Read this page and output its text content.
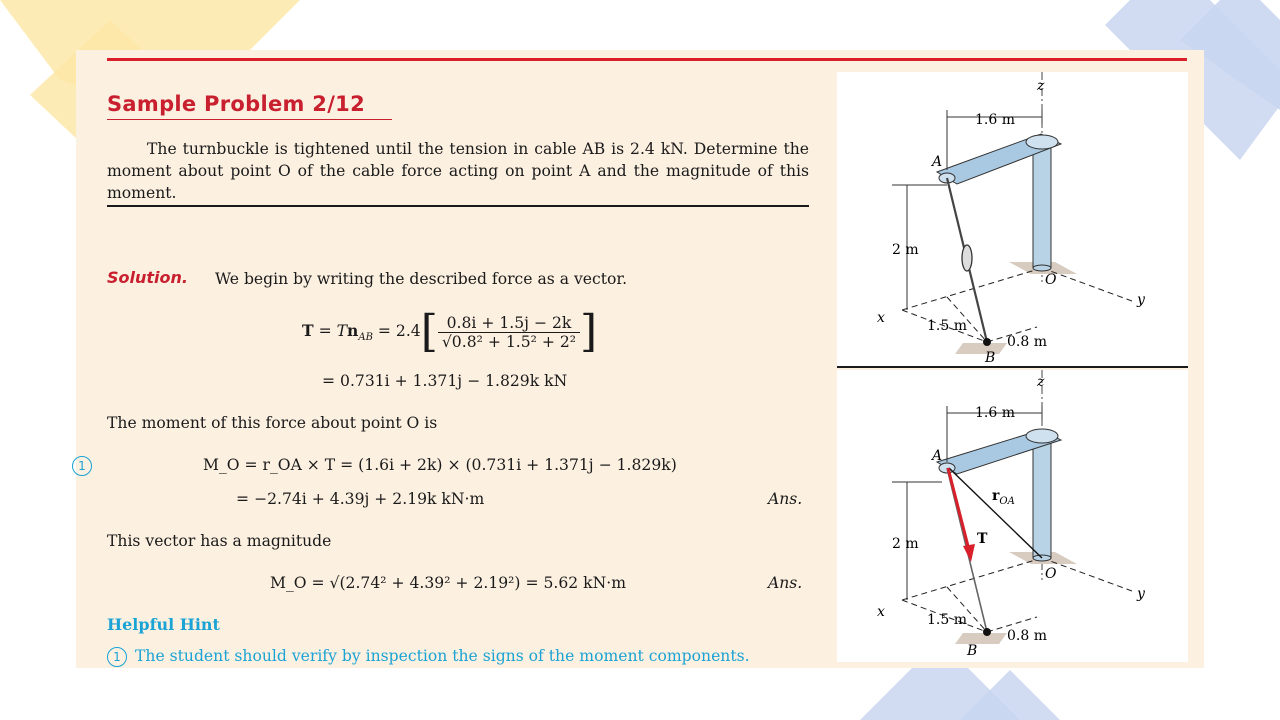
Sample Problem 2/12
The turnbuckle is tightened until the tension in cable AB is 2.4 kN. Determine the moment about point O of the cable force acting on point A and the magnitude of this moment.
Solution. We begin by writing the described force as a vector.
$T = Tn_{AB} = 2.4[ \frac{0.8i + 1.5j - 2k}{\text{√0.8² + 1.5² + 2²}}$ ]
= 0.731i + 1.371j − 1.829k kN
The moment of this force about point O is
1	M_O = r_OA × T = (1.6i + 2k) × (0.731i + 1.371j − 1.829k)
= −2.74i + 4.39j + 2.19k kN·m	Ans.
This vector has a magnitude
M_O = √(2.74² + 4.39² + 2.19²) = 5.62 kN·m	Ans.
Helpful Hint
1 The student should verify by inspection the signs of the moment components.
1.6 m
2 m
1.5 m
0.8 m
z
x
y
A
B
O
1.6 m
2 m
1.5 m
0.8 m
z
x
y
A
B
O
T
$r_{OA}$
